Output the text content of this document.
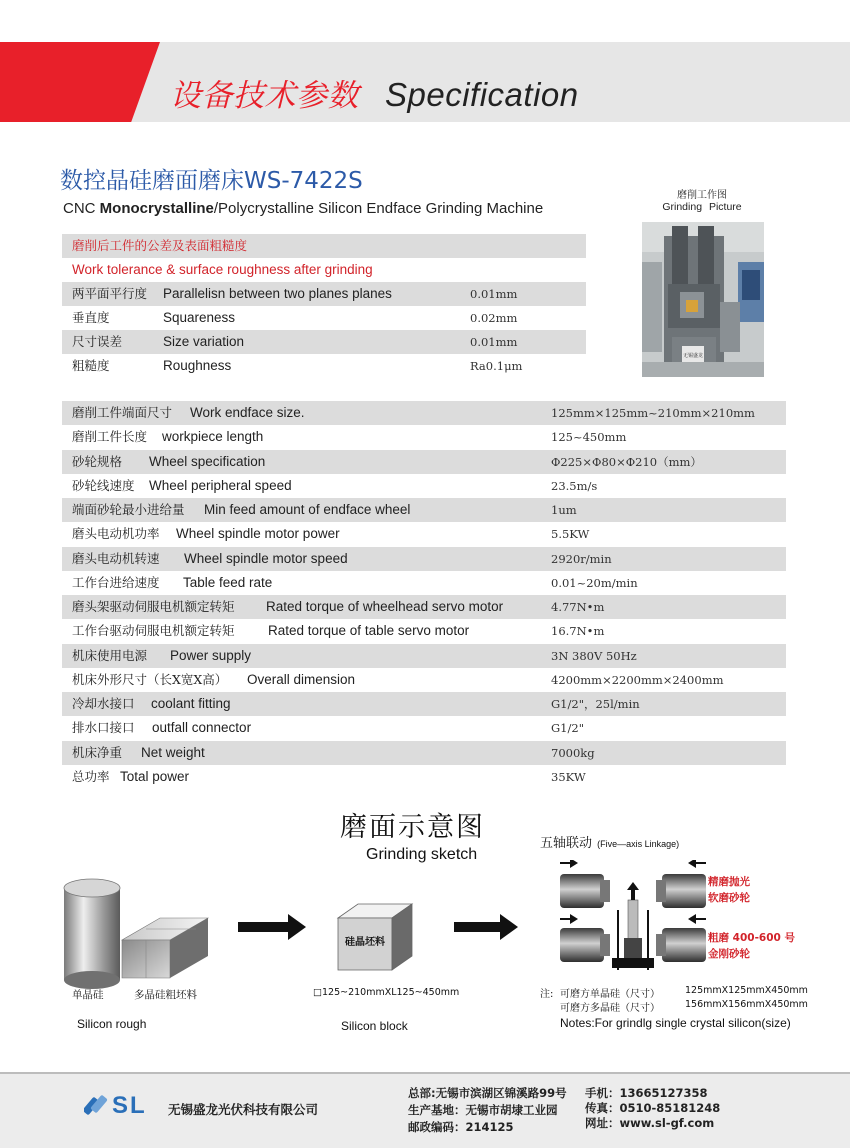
设备技术参数 Specification
数控晶硅磨面磨床WS-7422S
CNC Monocrystalline/Polycrystalline Silicon Endface Grinding Machine
磨削工作图
Grinding Picture
无锡盛龙
磨削后工件的公差及表面粗糙度
Work tolerance & surface roughness after grinding
两平面平行度 Parallelisn between two planes planes	0.01mm
垂直度	Squareness	0.02mm
尺寸误差	Size variation	0.01mm
粗糙度	Roughness	Ra0.1μm
磨削工件端面尺寸 Work endface size.	125mm×125mm~210mm×210mm
磨削工件长度 workpiece length	125~450mm
砂轮规格 Wheel specification	Φ225×Φ80×Φ210（mm）
砂轮线速度 Wheel peripheral speed	23.5m/s
端面砂轮最小进给量 Min feed amount of endface wheel	1um
磨头电动机功率 Wheel spindle motor power	5.5KW
磨头电动机转速 Wheel spindle motor speed	2920r/min
工作台进给速度 Table feed rate	0.01~20m/min
磨头架驱动伺服电机额定转矩 Rated torque of wheelhead servo motor	4.77N•m
工作台驱动伺服电机额定转矩 Rated torque of table servo motor	16.7N•m
机床使用电源 Power supply	3N 380V 50Hz
机床外形尺寸（长X宽X高） Overall dimension	4200mm×2200mm×2400mm
冷却水接口 coolant fitting	G1/2"，25l/min
排水口接口 outfall connector	G1/2"
机床净重 Net weight	7000kg
总功率 Total power	35KW
磨面示意图
Grinding sketch
硅晶坯料
五轴联动 (Five—axis Linkage)
精磨抛光
软磨砂轮
粗磨 400-600 号
金刚砂轮
单晶硅	多晶硅粗坯料
Silicon rough
□125~210mmXL125~450mm
Silicon block
注: 可磨方单晶硅（尺寸）	125mmX125mmX450mm
可磨方多晶硅（尺寸）	156mmX156mmX450mm
Notes:For grindlg single crystal silicon(size)
SL 无锡盛龙光伏科技有限公司
总部:无锡市滨湖区锦溪路99号
生产基地：无锡市胡埭工业园
邮政编码：214125
手机：13665127358
传真：0510-85181248
网址：www.sl-gf.com
